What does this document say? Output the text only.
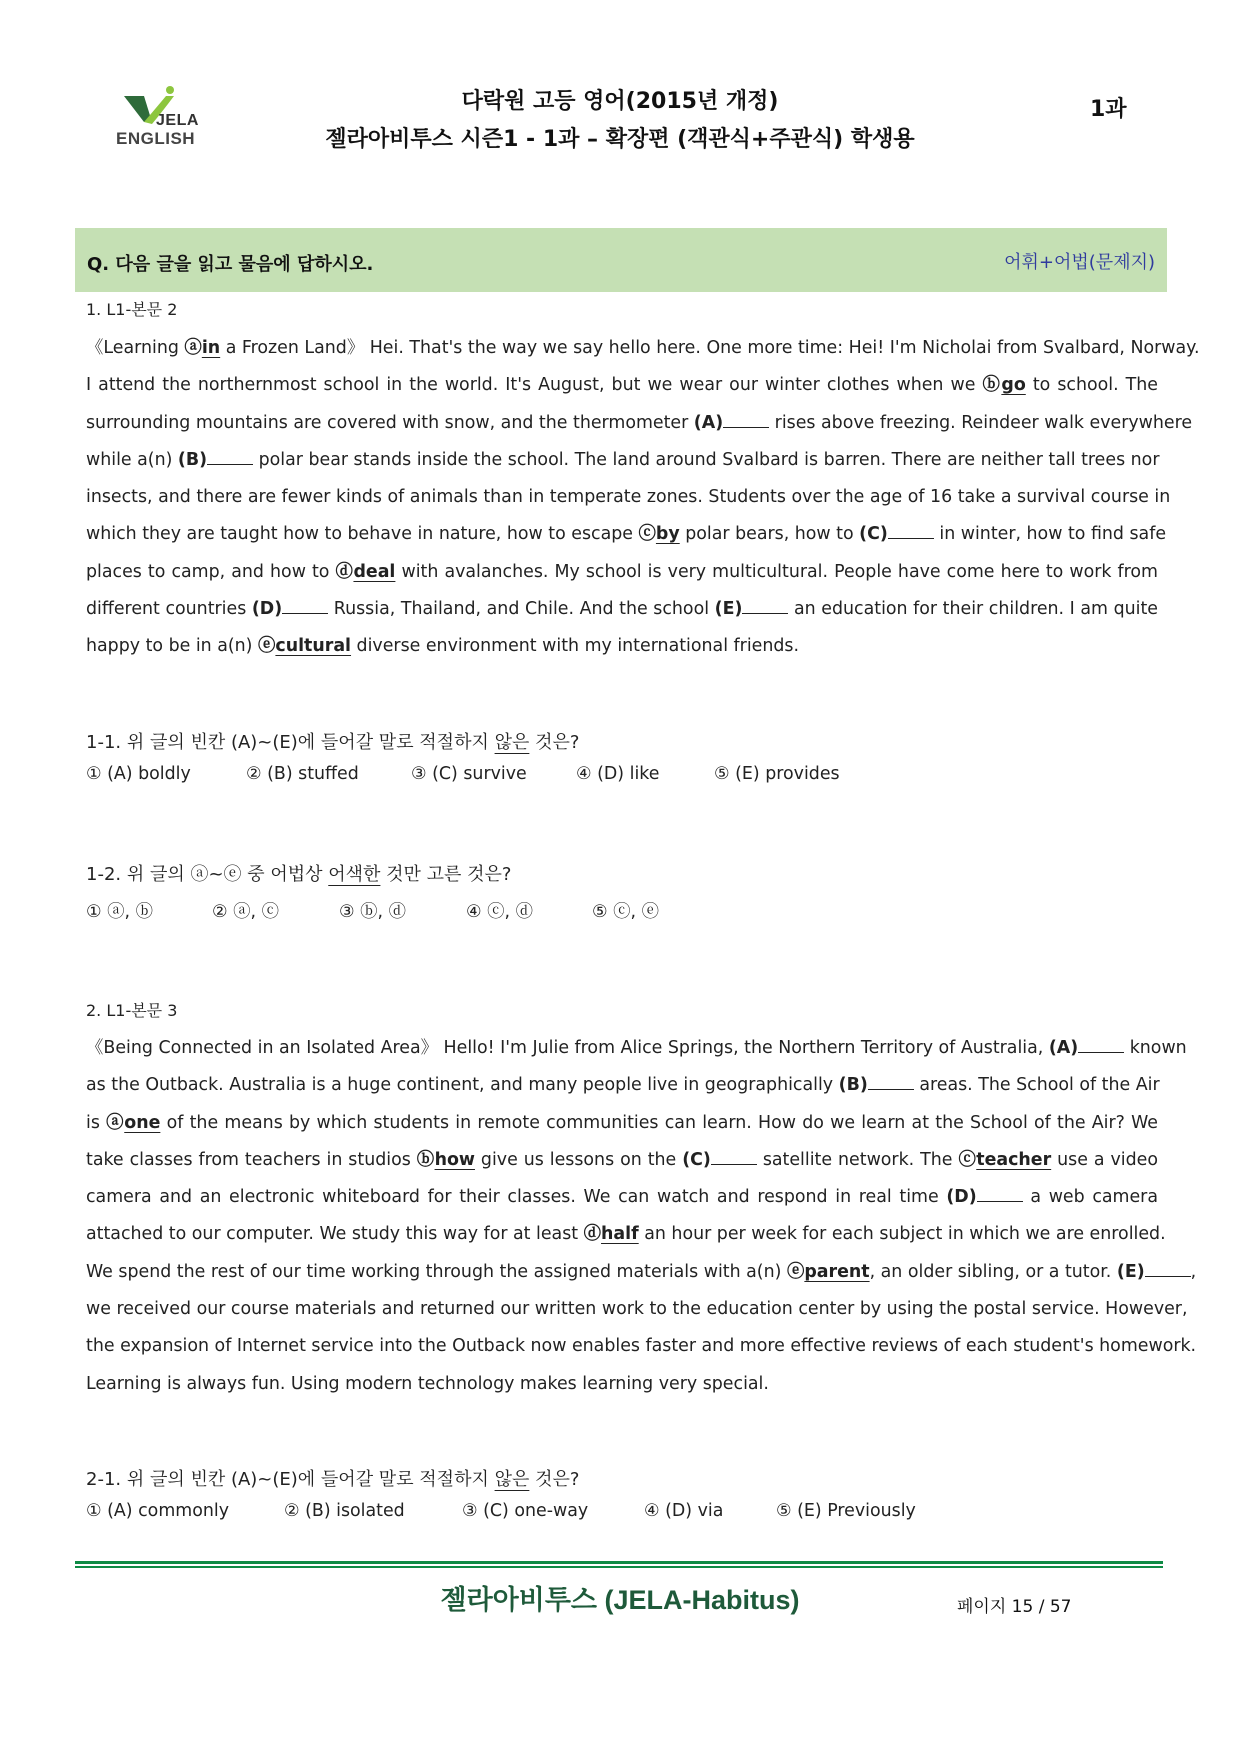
JELA
ENGLISH
다락원 고등 영어(2015년 개정)
젤라아비투스 시즌1 - 1과 – 확장편 (객관식+주관식) 학생용
1과
Q. 다음 글을 읽고 물음에 답하시오.	어휘+어법(문제지)
1. L1-본문 2

《Learning ⓐin a Frozen Land》 Hei. That's the way we say hello here. One more time: Hei! I'm Nicholai from Svalbard, Norway.

I attend the northernmost school in the world. It's August, but we wear our winter clothes when we ⓑgo to school. The

surrounding mountains are covered with snow, and the thermometer (A)	rises above freezing. Reindeer walk everywhere

while a(n) (B)	polar bear stands inside the school. The land around Svalbard is barren. There are neither tall trees nor

insects, and there are fewer kinds of animals than in temperate zones. Students over the age of 16 take a survival course in

which they are taught how to behave in nature, how to escape ⓒby polar bears, how to (C)	in winter, how to find safe

places to camp, and how to ⓓdeal with avalanches. My school is very multicultural. People have come here to work from

different countries (D)	Russia, Thailand, and Chile. And the school (E)	an education for their children. I am quite

happy to be in a(n) ⓔcultural diverse environment with my international friends.

1-1. 위 글의 빈칸 (A)~(E)에 들어갈 말로 적절하지 않은 것은?
① (A) boldly	② (B) stuffed	③ (C) survive	④ (D) like	⑤ (E) provides
1-2. 위 글의 ⓐ~ⓔ 중 어법상 어색한 것만 고른 것은?
① ⓐ, ⓑ	② ⓐ, ⓒ	③ ⓑ, ⓓ	④ ⓒ, ⓓ	⑤ ⓒ, ⓔ
2. L1-본문 3

《Being Connected in an Isolated Area》 Hello! I'm Julie from Alice Springs, the Northern Territory of Australia, (A)	known

as the Outback. Australia is a huge continent, and many people live in geographically (B)	areas. The School of the Air

is ⓐone of the means by which students in remote communities can learn. How do we learn at the School of the Air? We

take classes from teachers in studios ⓑhow give us lessons on the (C)	satellite network. The ⓒteacher use a video

camera and an electronic whiteboard for their classes. We can watch and respond in real time (D)	a web camera

attached to our computer. We study this way for at least ⓓhalf an hour per week for each subject in which we are enrolled.

We spend the rest of our time working through the assigned materials with a(n) ⓔparent, an older sibling, or a tutor. (E)	,

we received our course materials and returned our written work to the education center by using the postal service. However,

the expansion of Internet service into the Outback now enables faster and more effective reviews of each student's homework.

Learning is always fun. Using modern technology makes learning very special.

2-1. 위 글의 빈칸 (A)~(E)에 들어갈 말로 적절하지 않은 것은?
① (A) commonly	② (B) isolated	③ (C) one-way	④ (D) via	⑤ (E) Previously
젤라아비투스 (JELA-Habitus)	페이지 15 / 57
